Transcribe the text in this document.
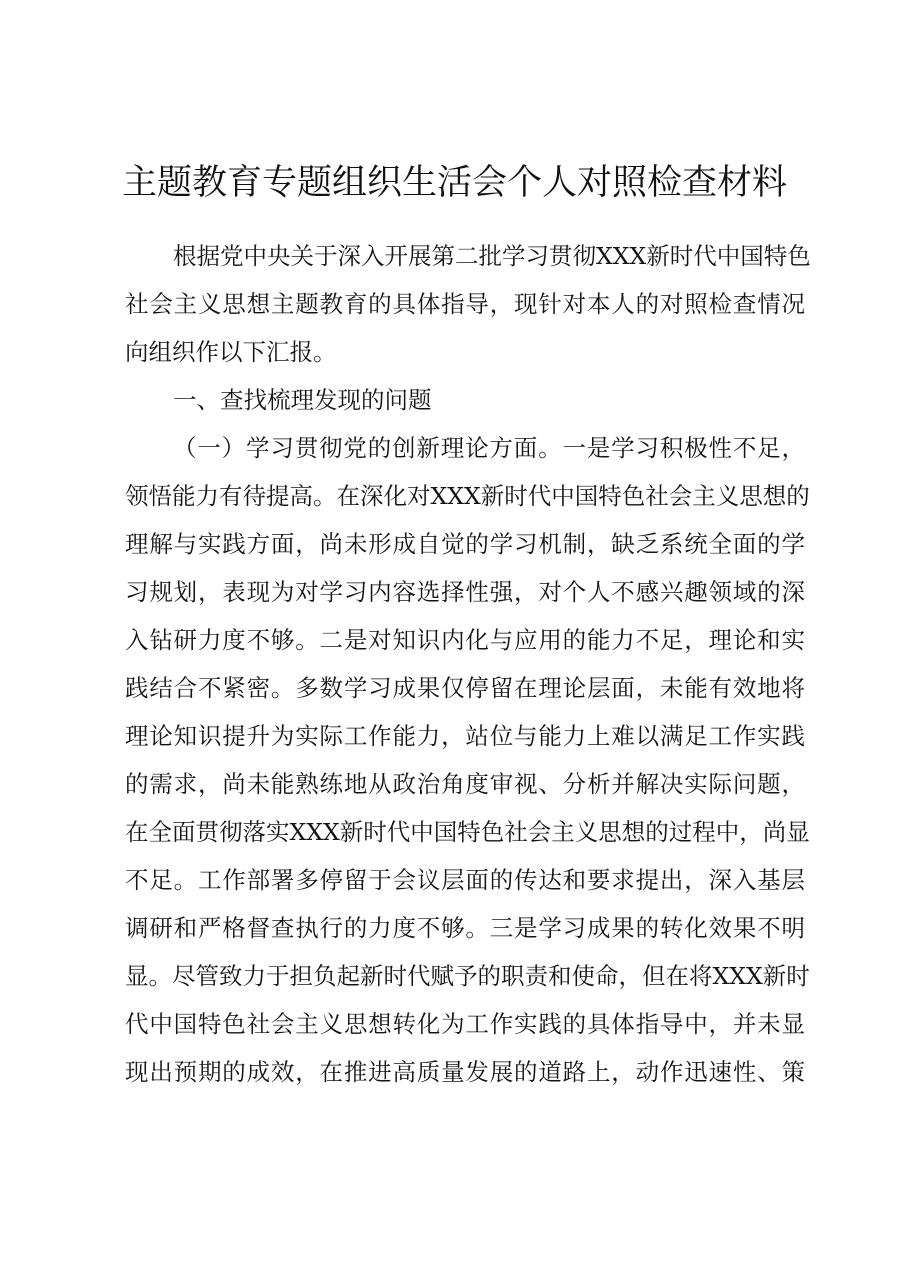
主题教育专题组织生活会个人对照检查材料
根据党中央关于深入开展第二批学习贯彻XXX新时代中国特色
社会主义思想主题教育的具体指导，现针对本人的对照检查情况
向组织作以下汇报。
一、查找梳理发现的问题
（一）学习贯彻党的创新理论方面。一是学习积极性不足，
领悟能力有待提高。在深化对XXX新时代中国特色社会主义思想的
理解与实践方面，尚未形成自觉的学习机制，缺乏系统全面的学
习规划，表现为对学习内容选择性强，对个人不感兴趣领域的深
入钻研力度不够。二是对知识内化与应用的能力不足，理论和实
践结合不紧密。多数学习成果仅停留在理论层面，未能有效地将
理论知识提升为实际工作能力，站位与能力上难以满足工作实践
的需求，尚未能熟练地从政治角度审视、分析并解决实际问题，
在全面贯彻落实XXX新时代中国特色社会主义思想的过程中，尚显
不足。工作部署多停留于会议层面的传达和要求提出，深入基层
调研和严格督查执行的力度不够。三是学习成果的转化效果不明
显。尽管致力于担负起新时代赋予的职责和使命，但在将XXX新时
代中国特色社会主义思想转化为工作实践的具体指导中，并未显
现出预期的成效，在推进高质量发展的道路上，动作迅速性、策
